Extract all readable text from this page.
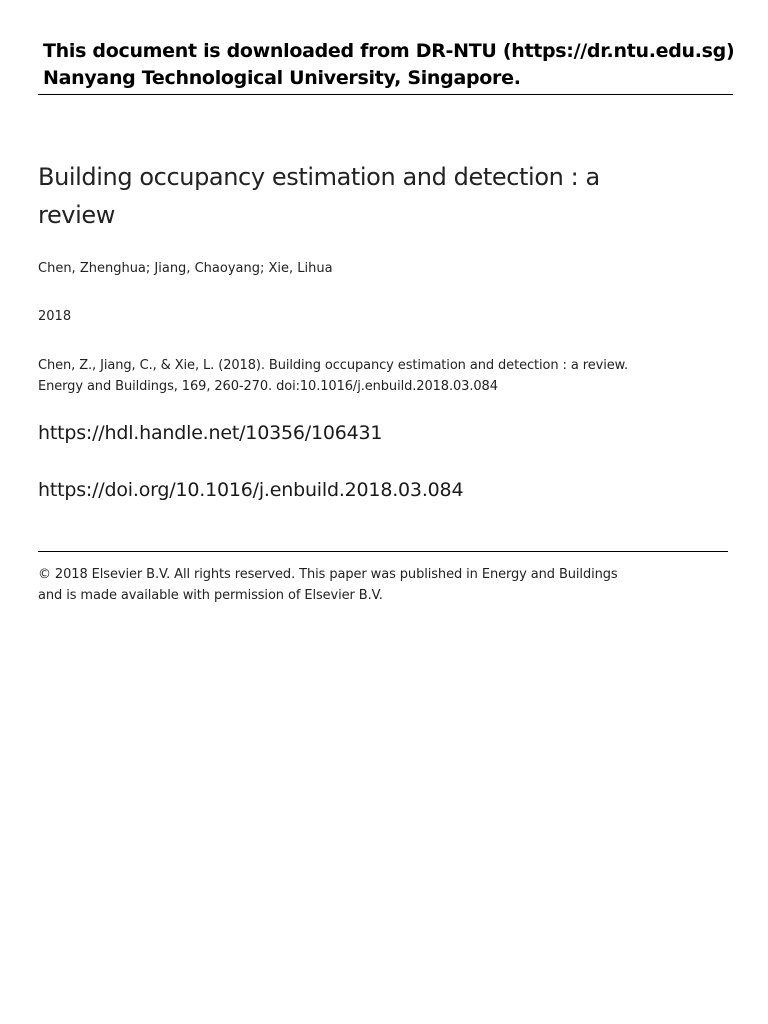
This document is downloaded from DR‑NTU (https://dr.ntu.edu.sg)
Nanyang Technological University, Singapore.
Building occupancy estimation and detection : a review
Chen, Zhenghua; Jiang, Chaoyang; Xie, Lihua
2018
Chen, Z., Jiang, C., & Xie, L. (2018). Building occupancy estimation and detection : a review.
Energy and Buildings, 169, 260‑270. doi:10.1016/j.enbuild.2018.03.084
https://hdl.handle.net/10356/106431
https://doi.org/10.1016/j.enbuild.2018.03.084
© 2018 Elsevier B.V. All rights reserved. This paper was published in Energy and Buildings
and is made available with permission of Elsevier B.V.
